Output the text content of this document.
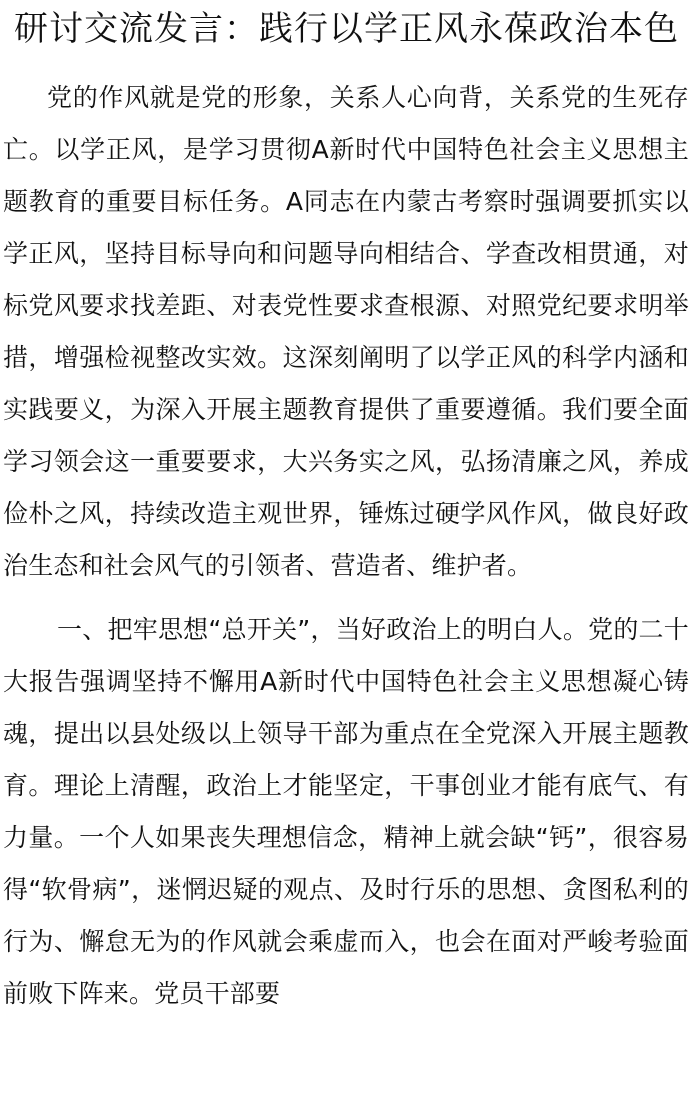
研讨交流发言：践行以学正风永葆政治本色

党的作风就是党的形象，关系人心向背，关系党的生死存亡。以学正风，是学习贯彻A新时代中国特色社会主义思想主题教育的重要目标任务。A同志在内蒙古考察时强调要抓实以学正风，坚持目标导向和问题导向相结合、学查改相贯通，对标党风要求找差距、对表党性要求查根源、对照党纪要求明举措，增强检视整改实效。这深刻阐明了以学正风的科学内涵和实践要义，为深入开展主题教育提供了重要遵循。我们要全面学习领会这一重要要求，大兴务实之风，弘扬清廉之风，养成俭朴之风，持续改造主观世界，锤炼过硬学风作风，做良好政治生态和社会风气的引领者、营造者、维护者。

一、把牢思想“总开关”，当好政治上的明白人。党的二十大报告强调坚持不懈用A新时代中国特色社会主义思想凝心铸魂，提出以县处级以上领导干部为重点在全党深入开展主题教育。理论上清醒，政治上才能坚定，干事创业才能有底气、有力量。一个人如果丧失理想信念，精神上就会缺“钙”，很容易得“软骨病”，迷惘迟疑的观点、及时行乐的思想、贪图私利的行为、懈怠无为的作风就会乘虚而入，也会在面对严峻考验面前败下阵来。党员干部要
